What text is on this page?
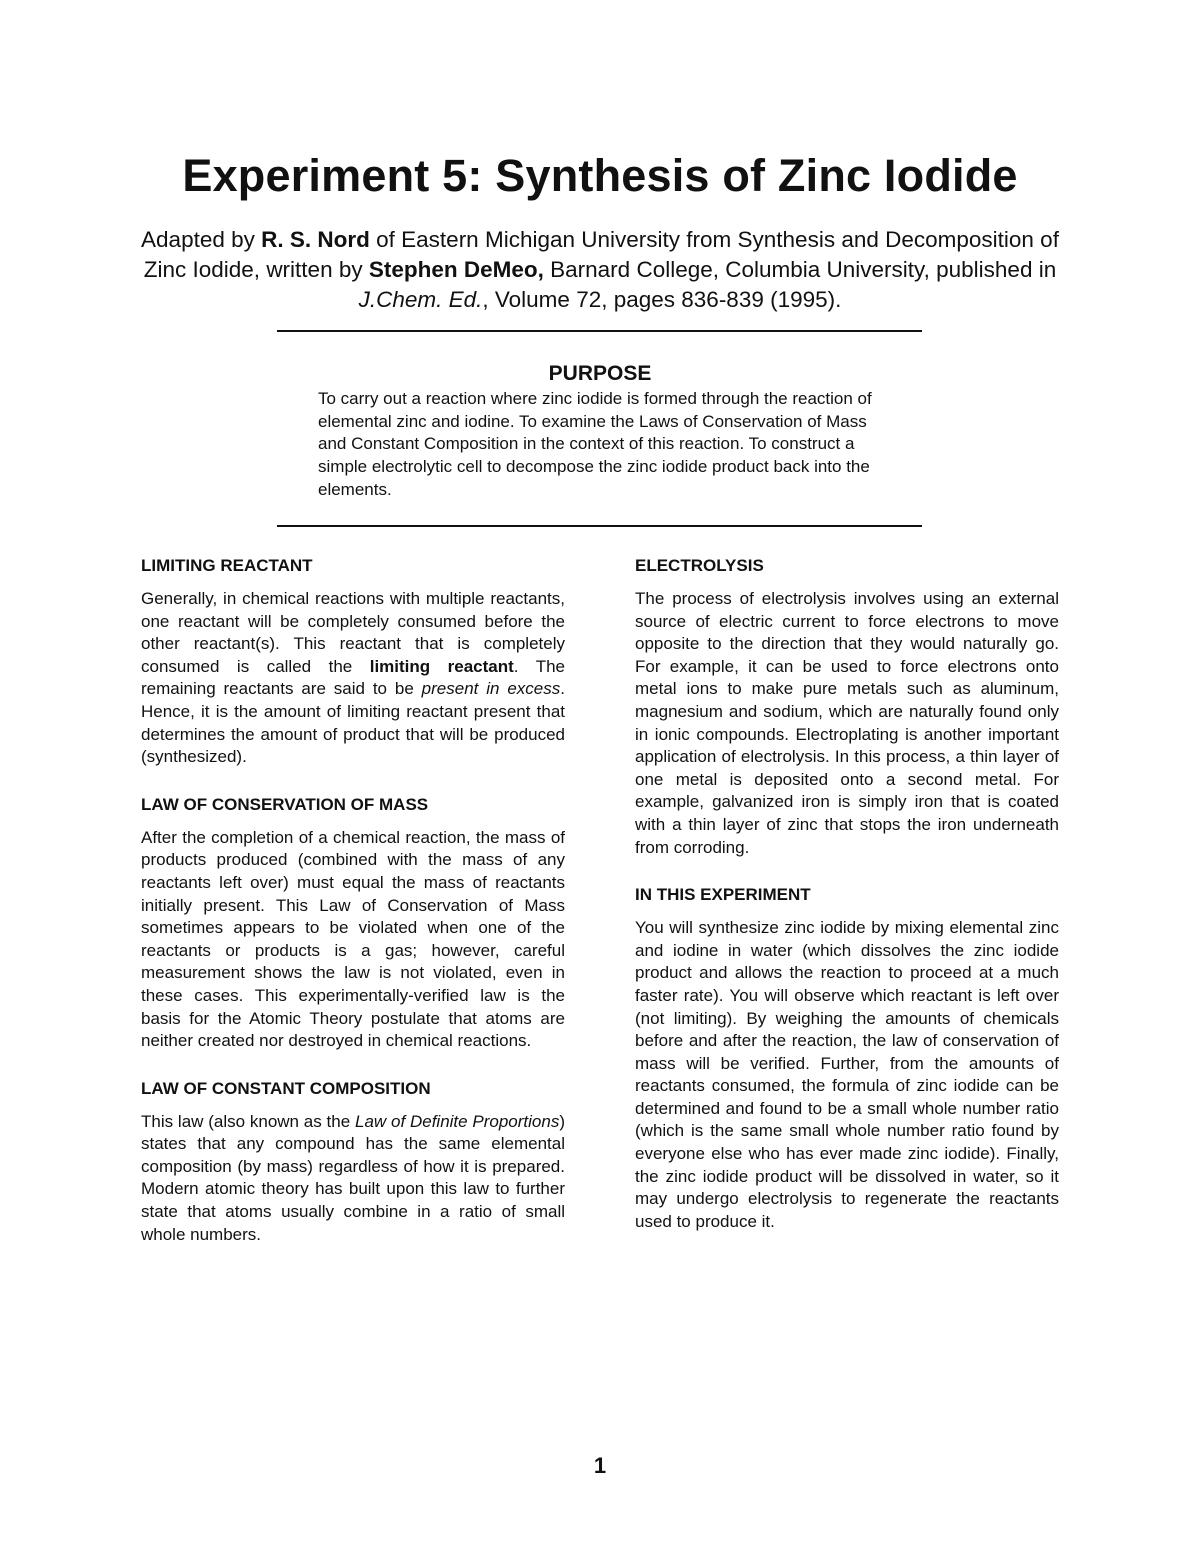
Experiment 5: Synthesis of Zinc Iodide

Adapted by R. S. Nord of Eastern Michigan University from Synthesis and Decomposition of Zinc Iodide, written by Stephen DeMeo, Barnard College, Columbia University, published in J.Chem. Ed., Volume 72, pages 836-839 (1995).

PURPOSE

To carry out a reaction where zinc iodide is formed through the reaction of elemental zinc and iodine. To examine the Laws of Conservation of Mass and Constant Composition in the context of this reaction. To construct a simple electrolytic cell to decompose the zinc iodide product back into the elements.

LIMITING REACTANT

Generally, in chemical reactions with multiple reactants, one reactant will be completely consumed before the other reactant(s). This reactant that is completely consumed is called the limiting reactant. The remaining reactants are said to be present in excess. Hence, it is the amount of limiting reactant present that determines the amount of product that will be produced (synthesized).

LAW OF CONSERVATION OF MASS

After the completion of a chemical reaction, the mass of products produced (combined with the mass of any reactants left over) must equal the mass of reactants initially present. This Law of Conservation of Mass sometimes appears to be violated when one of the reactants or products is a gas; however, careful measurement shows the law is not violated, even in these cases. This experimentally-verified law is the basis for the Atomic Theory postulate that atoms are neither created nor destroyed in chemical reactions.

LAW OF CONSTANT COMPOSITION

This law (also known as the Law of Definite Proportions) states that any compound has the same elemental composition (by mass) regardless of how it is prepared. Modern atomic theory has built upon this law to further state that atoms usually combine in a ratio of small whole numbers.

ELECTROLYSIS

The process of electrolysis involves using an external source of electric current to force electrons to move opposite to the direction that they would naturally go. For example, it can be used to force electrons onto metal ions to make pure metals such as aluminum, magnesium and sodium, which are naturally found only in ionic compounds. Electroplating is another important application of electrolysis. In this process, a thin layer of one metal is deposited onto a second metal. For example, galvanized iron is simply iron that is coated with a thin layer of zinc that stops the iron underneath from corroding.

IN THIS EXPERIMENT

You will synthesize zinc iodide by mixing elemental zinc and iodine in water (which dissolves the zinc iodide product and allows the reaction to proceed at a much faster rate). You will observe which reactant is left over (not limiting). By weighing the amounts of chemicals before and after the reaction, the law of conservation of mass will be verified. Further, from the amounts of reactants consumed, the formula of zinc iodide can be determined and found to be a small whole number ratio (which is the same small whole number ratio found by everyone else who has ever made zinc iodide). Finally, the zinc iodide product will be dissolved in water, so it may undergo electrolysis to regenerate the reactants used to produce it.

1
